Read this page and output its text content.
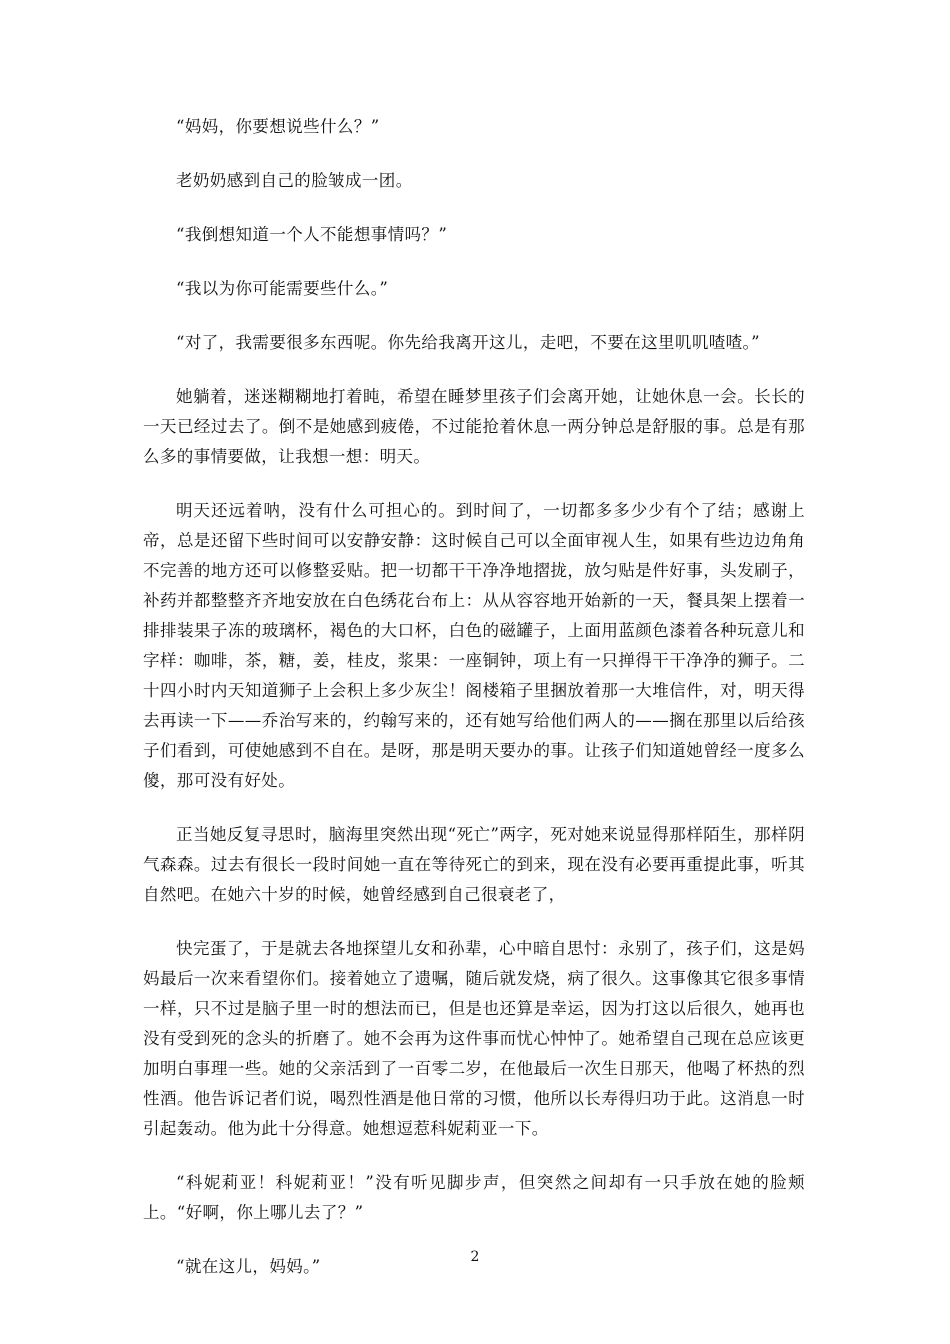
“妈妈，你要想说些什么？”

老奶奶感到自己的脸皱成一团。

“我倒想知道一个人不能想事情吗？”

“我以为你可能需要些什么。”

“对了，我需要很多东西呢。你先给我离开这儿，走吧，不要在这里叽叽喳喳。”

她躺着，迷迷糊糊地打着盹，希望在睡梦里孩子们会离开她，让她休息一会。长长的一天已经过去了。倒不是她感到疲倦，不过能抢着休息一两分钟总是舒服的事。总是有那么多的事情要做，让我想一想：明天。

明天还远着呐，没有什么可担心的。到时间了，一切都多多少少有个了结；感谢上帝，总是还留下些时间可以安静安静：这时候自己可以全面审视人生，如果有些边边角角不完善的地方还可以修整妥贴。把一切都干干净净地摺拢，放匀贴是件好事，头发刷子，补药并都整整齐齐地安放在白色绣花台布上：从从容容地开始新的一天，餐具架上摆着一排排装果子冻的玻璃杯，褐色的大口杯，白色的磁罐子，上面用蓝颜色漆着各种玩意儿和字样：咖啡，茶，糖，姜，桂皮，浆果：一座铜钟，项上有一只掸得干干净净的狮子。二十四小时内天知道狮子上会积上多少灰尘！阁楼箱子里捆放着那一大堆信件，对，明天得去再读一下——乔治写来的，约翰写来的，还有她写给他们两人的——搁在那里以后给孩子们看到，可使她感到不自在。是呀，那是明天要办的事。让孩子们知道她曾经一度多么傻，那可没有好处。

正当她反复寻思时，脑海里突然出现“死亡”两字，死对她来说显得那样陌生，那样阴气森森。过去有很长一段时间她一直在等待死亡的到来，现在没有必要再重提此事，听其自然吧。在她六十岁的时候，她曾经感到自己很衰老了，

快完蛋了，于是就去各地探望儿女和孙辈，心中暗自思忖：永别了，孩子们，这是妈妈最后一次来看望你们。接着她立了遗嘱，随后就发烧，病了很久。这事像其它很多事情一样，只不过是脑子里一时的想法而已，但是也还算是幸运，因为打这以后很久，她再也没有受到死的念头的折磨了。她不会再为这件事而忧心忡忡了。她希望自己现在总应该更加明白事理一些。她的父亲活到了一百零二岁，在他最后一次生日那天，他喝了杯热的烈性酒。他告诉记者们说，喝烈性酒是他日常的习惯，他所以长寿得归功于此。这消息一时引起轰动。他为此十分得意。她想逗惹科妮莉亚一下。

“科妮莉亚！科妮莉亚！”没有听见脚步声，但突然之间却有一只手放在她的脸颊上。“好啊，你上哪儿去了？”

“就在这儿，妈妈。”	2
